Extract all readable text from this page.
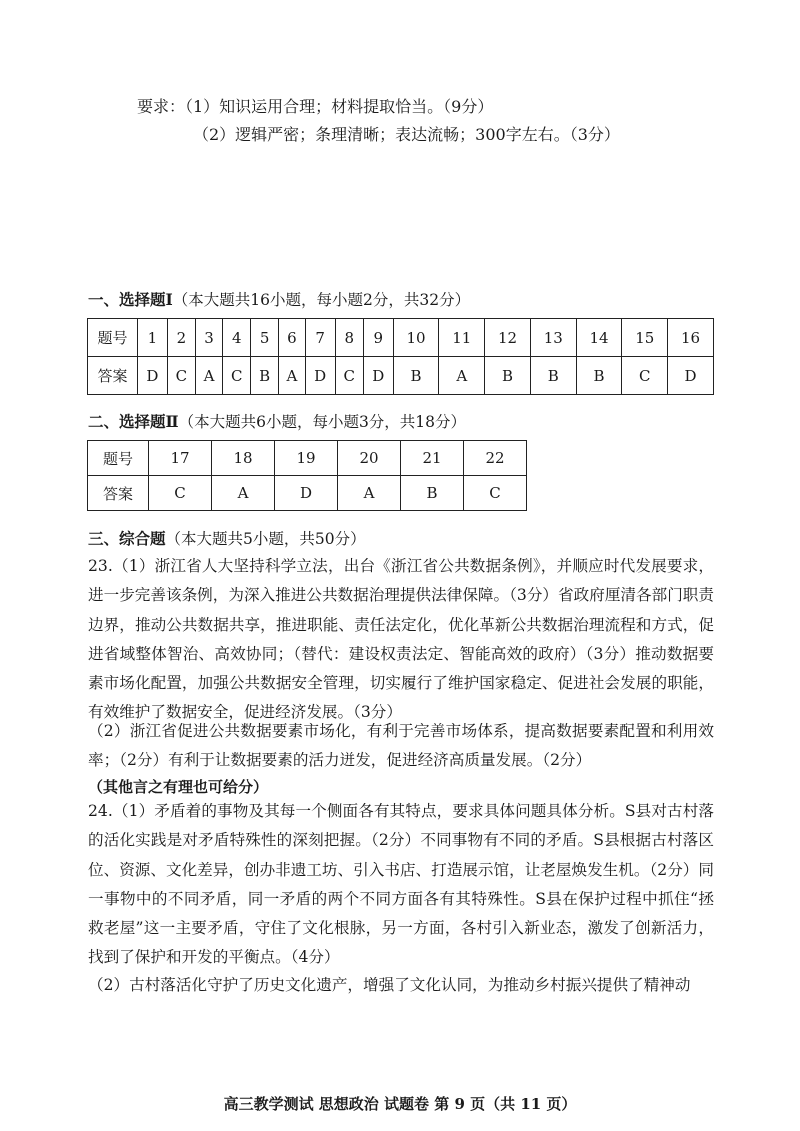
要求：（1）知识运用合理；材料提取恰当。（9分）
（2）逻辑严密；条理清晰；表达流畅；300字左右。（3分）
一、选择题Ⅰ（本大题共16小题，每小题2分，共32分）
题号	1	2	3	4	5	6	7	8	9	10	11	12	13	14	15	16
答案	D	C	A	C	B	A	D	C	D	B	A	B	B	B	C	D
二、选择题Ⅱ（本大题共6小题，每小题3分，共18分）
题号	17	18	19	20	21	22
答案	C	A	D	A	B	C
三、综合题（本大题共5小题，共50分）
23.（1）浙江省人大坚持科学立法，出台《浙江省公共数据条例》，并顺应时代发展要求，进一步完善该条例，为深入推进公共数据治理提供法律保障。（3分）省政府厘清各部门职责边界，推动公共数据共享，推进职能、责任法定化，优化革新公共数据治理流程和方式，促进省域整体智治、高效协同；（替代：建设权责法定、智能高效的政府）（3分）推动数据要素市场化配置，加强公共数据安全管理，切实履行了维护国家稳定、促进社会发展的职能，有效维护了数据安全，促进经济发展。（3分）
（2）浙江省促进公共数据要素市场化，有利于完善市场体系，提高数据要素配置和利用效率；（2分）有利于让数据要素的活力迸发，促进经济高质量发展。（2分）
（其他言之有理也可给分）
24.（1）矛盾着的事物及其每一个侧面各有其特点，要求具体问题具体分析。S县对古村落的活化实践是对矛盾特殊性的深刻把握。（2分）不同事物有不同的矛盾。S县根据古村落区位、资源、文化差异，创办非遗工坊、引入书店、打造展示馆，让老屋焕发生机。（2分）同一事物中的不同矛盾，同一矛盾的两个不同方面各有其特殊性。S县在保护过程中抓住“拯救老屋”这一主要矛盾，守住了文化根脉，另一方面，各村引入新业态，激发了创新活力，找到了保护和开发的平衡点。（4分）
（2）古村落活化守护了历史文化遗产，增强了文化认同，为推动乡村振兴提供了精神动
高三教学测试 思想政治 试题卷 第 9 页（共 11 页）
